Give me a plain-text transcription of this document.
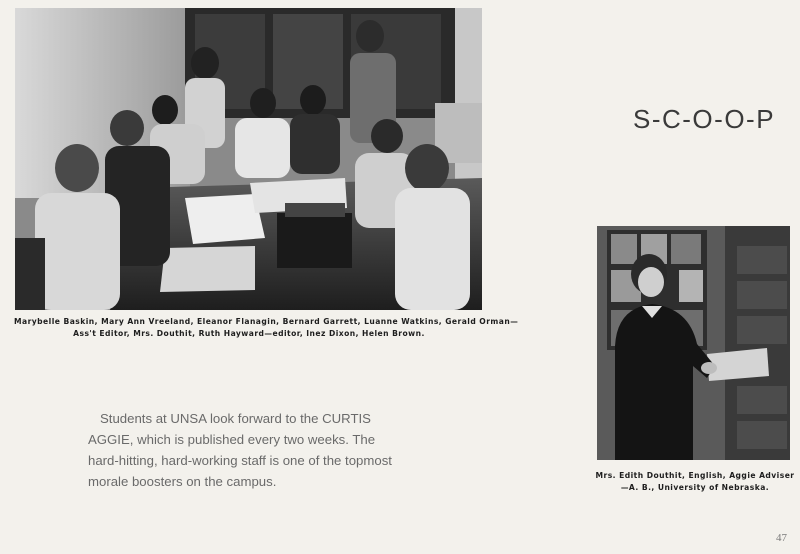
Marybelle Baskin, Mary Ann Vreeland, Eleanor Flanagin, Bernard Garrett, Luanne Watkins, Gerald Orman—
Ass't Editor, Mrs. Douthit, Ruth Hayward—editor, Inez Dixon, Helen Brown.
S-C-O-O-P
Mrs. Edith Douthit, English, Aggie Adviser
—A. B., University of Nebraska.
Students at UNSA look forward to the CURTIS
AGGIE, which is published every two weeks. The
hard-hitting, hard-working staff is one of the topmost
morale boosters on the campus.
47
